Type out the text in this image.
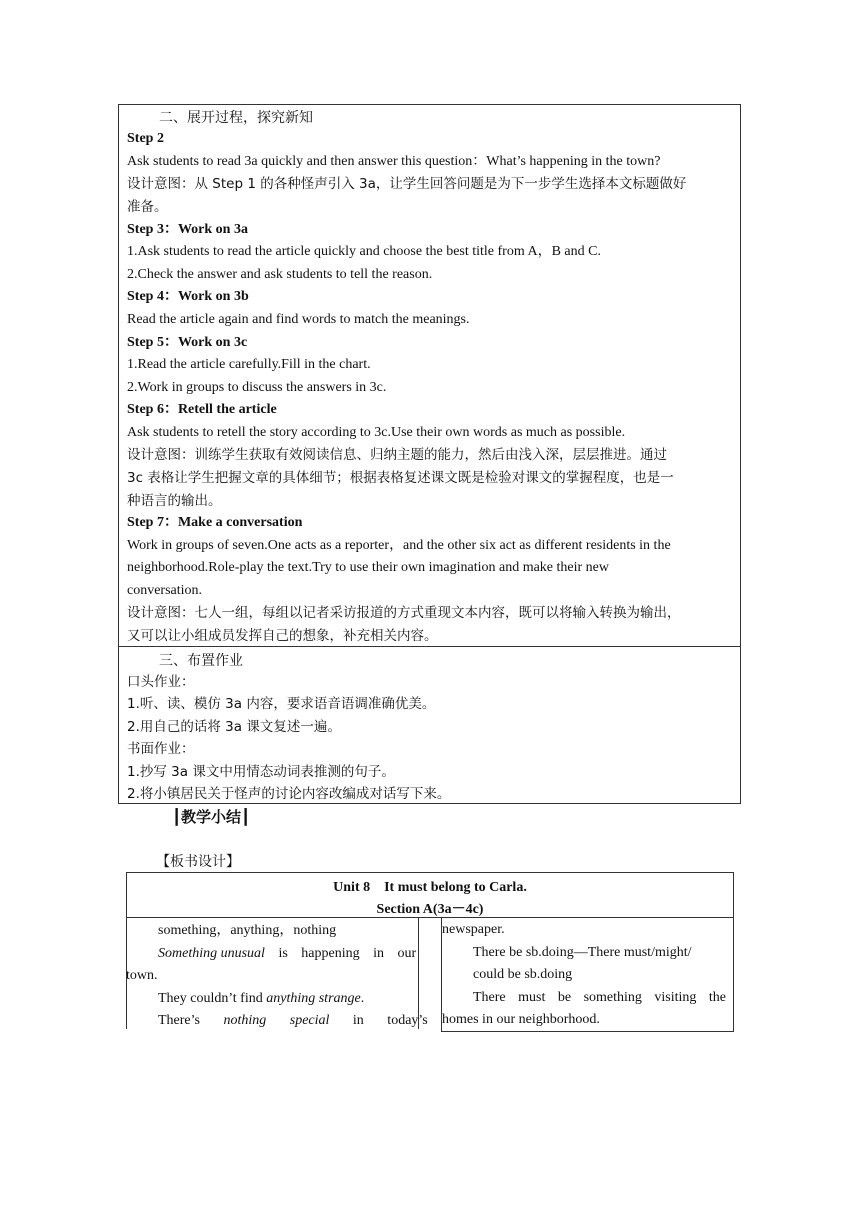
二、展开过程，探究新知
Step 2
Ask students to read 3a quickly and then answer this question：What’s happening in the town?
设计意图：从 Step 1 的各种怪声引入 3a，让学生回答问题是为下一步学生选择本文标题做好
准备。
Step 3：Work on 3a
1.Ask students to read the article quickly and choose the best title from A，B and C.
2.Check the answer and ask students to tell the reason.
Step 4：Work on 3b
Read the article again and find words to match the meanings.
Step 5：Work on 3c
1.Read the article carefully.Fill in the chart.
2.Work in groups to discuss the answers in 3c.
Step 6：Retell the article
Ask students to retell the story according to 3c.Use their own words as much as possible.
设计意图：训练学生获取有效阅读信息、归纳主题的能力，然后由浅入深，层层推进。通过
3c 表格让学生把握文章的具体细节；根据表格复述课文既是检验对课文的掌握程度，也是一
种语言的输出。
Step 7：Make a conversation
Work in groups of seven.One acts as a reporter，and the other six act as different residents in the
neighborhood.Role-play the text.Try to use their own imagination and make their new
conversation.
设计意图：七人一组，每组以记者采访报道的方式重现文本内容，既可以将输入转换为输出，
又可以让小组成员发挥自己的想象，补充相关内容。
三、布置作业
口头作业：
1.听、读、模仿 3a 内容，要求语音语调准确优美。
2.用自己的话将 3a 课文复述一遍。
书面作业：
1.抄写 3a 课文中用情态动词表推测的句子。
2.将小镇居民关于怪声的讨论内容改编成对话写下来。
┃教学小结┃
【板书设计】
Unit 8　It must belong to Carla.
Section A(3a－4c)
something，anything，nothing
Something unusual is happening in our
town.
They couldn’t find anything strange.
There’s nothing special in today’s
newspaper.
There be sb.doing—There must/might/
could be sb.doing
There must be something visiting the
homes in our neighborhood.
